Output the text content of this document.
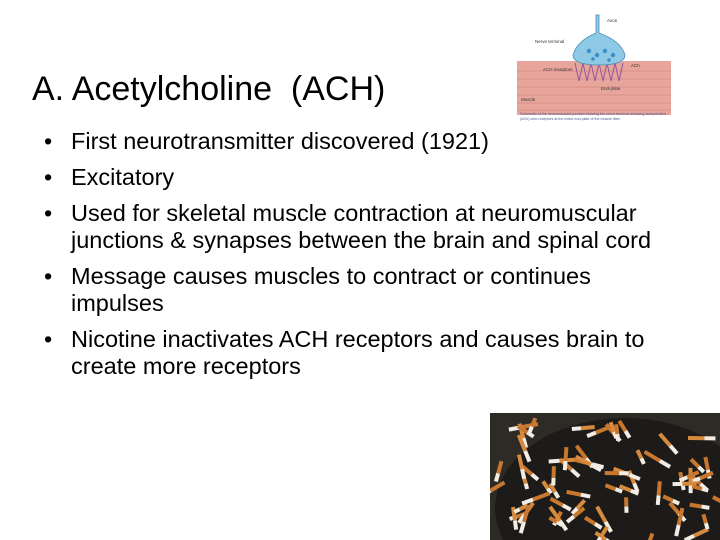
A. Acetylcholine  (ACH)
• First neurotransmitter discovered (1921)
• Excitatory
• Used for skeletal muscle contraction at neuromuscular junctions & synapses between the brain and spinal cord
• Message causes muscles to contract or continues impulses
• Nicotine inactivates ACH receptors and causes brain to create more receptors
Axon
Nerve terminal
ACH receptors
ACh
End-plate
Muscle
Schematic of the neuromuscular junction showing the nerve terminal releasing acetylcholine (ACh) onto receptors at the motor end-plate of the muscle fiber.
